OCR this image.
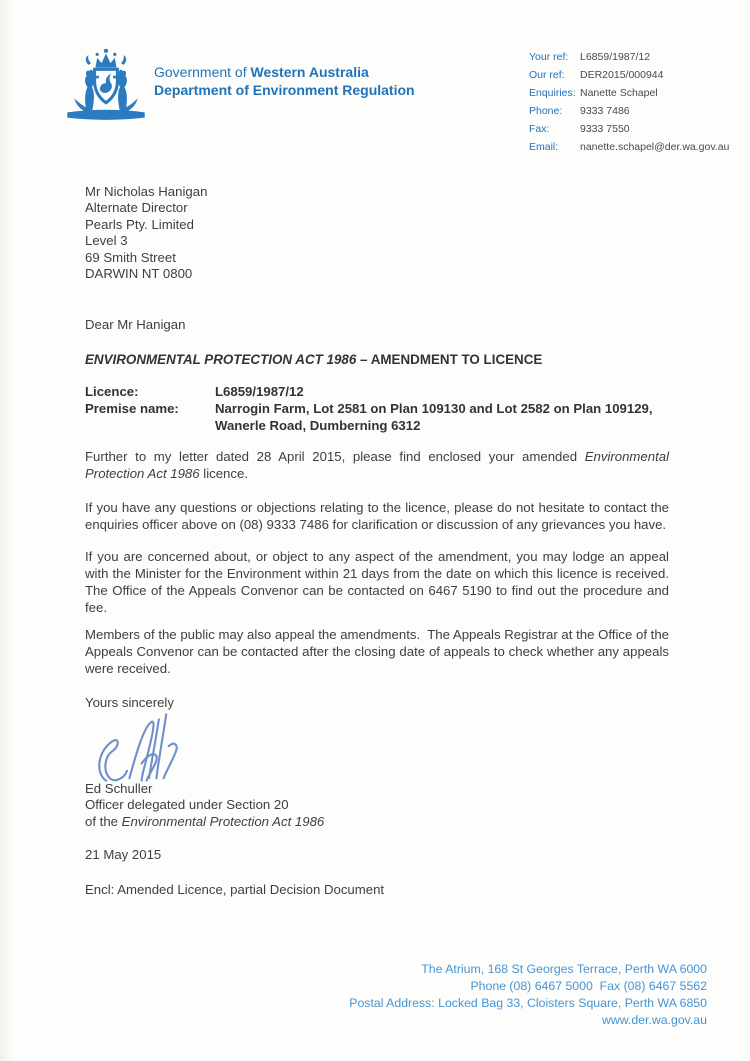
Government of Western Australia
Department of Environment Regulation
Your ref:	L6859/1987/12
Our ref:	DER2015/000944
Enquiries: Nanette Schapel
Phone:	9333 7486
Fax:	9333 7550
Email:	nanette.schapel@der.wa.gov.au
Mr Nicholas Hanigan
Alternate Director
Pearls Pty. Limited
Level 3
69 Smith Street
DARWIN NT 0800
Dear Mr Hanigan
ENVIRONMENTAL PROTECTION ACT 1986 – AMENDMENT TO LICENCE
Licence:	L6859/1987/12
Premise name:	Narrogin Farm, Lot 2581 on Plan 109130 and Lot 2582 on Plan 109129, Wanerle Road, Dumberning 6312
Further to my letter dated 28 April 2015, please find enclosed your amended Environmental Protection Act 1986 licence.
If you have any questions or objections relating to the licence, please do not hesitate to contact the enquiries officer above on (08) 9333 7486 for clarification or discussion of any grievances you have.
If you are concerned about, or object to any aspect of the amendment, you may lodge an appeal with the Minister for the Environment within 21 days from the date on which this licence is received. The Office of the Appeals Convenor can be contacted on 6467 5190 to find out the procedure and fee.
Members of the public may also appeal the amendments.  The Appeals Registrar at the Office of the Appeals Convenor can be contacted after the closing date of appeals to check whether any appeals were received.
Yours sincerely
Ed Schuller
Officer delegated under Section 20
of the Environmental Protection Act 1986
21 May 2015
Encl: Amended Licence, partial Decision Document
The Atrium, 168 St Georges Terrace, Perth WA 6000
Phone (08) 6467 5000  Fax (08) 6467 5562
Postal Address: Locked Bag 33, Cloisters Square, Perth WA 6850
www.der.wa.gov.au
